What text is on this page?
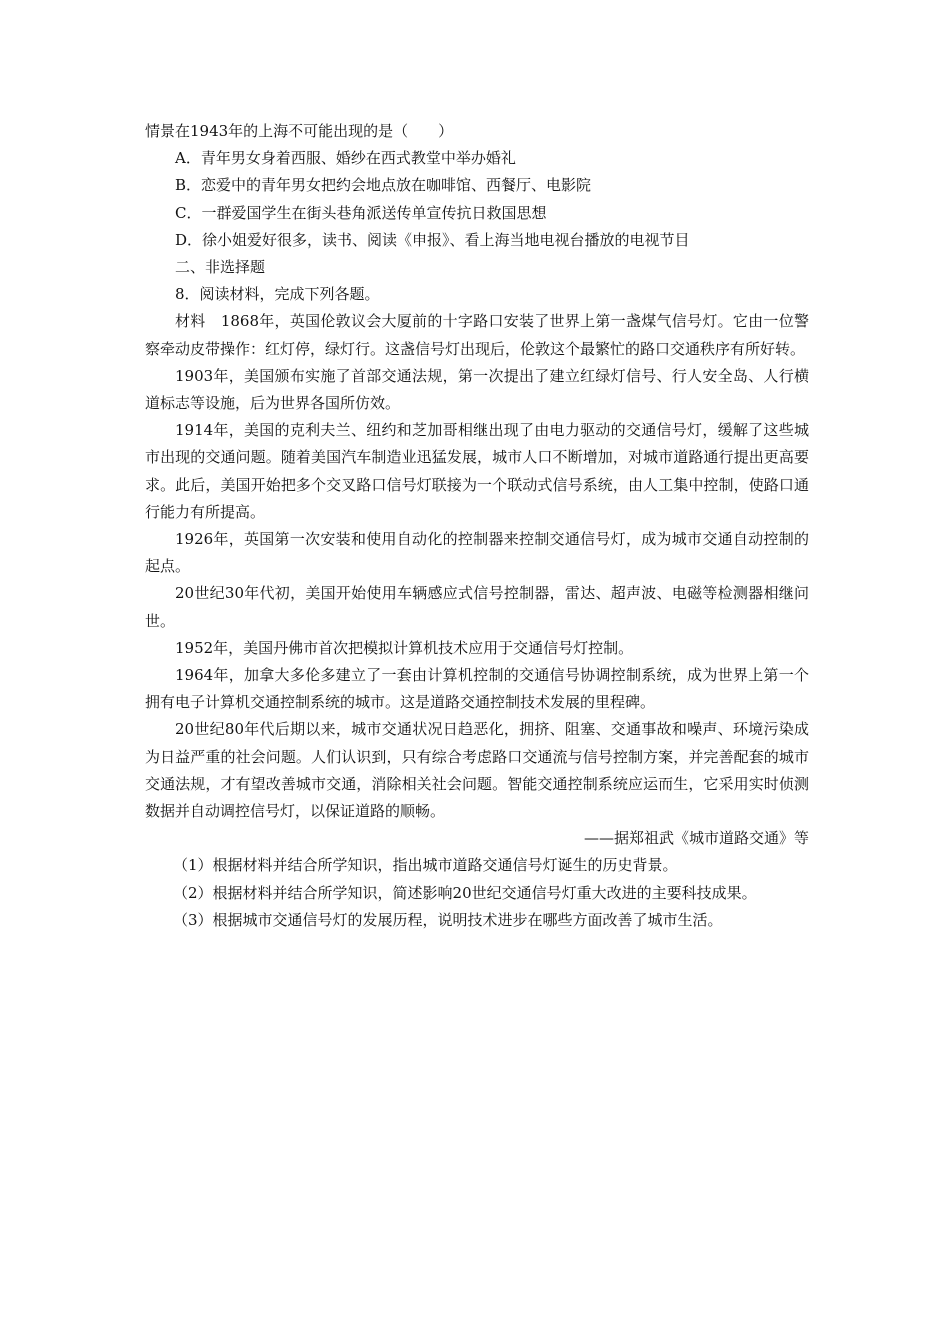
情景在1943年的上海不可能出现的是（　　）

A．青年男女身着西服、婚纱在西式教堂中举办婚礼

B．恋爱中的青年男女把约会地点放在咖啡馆、西餐厅、电影院

C．一群爱国学生在街头巷角派送传单宣传抗日救国思想

D．徐小姐爱好很多，读书、阅读《申报》、看上海当地电视台播放的电视节目

二、非选择题

8．阅读材料，完成下列各题。

材料　1868年，英国伦敦议会大厦前的十字路口安装了世界上第一盏煤气信号灯。它由一位警察牵动皮带操作：红灯停，绿灯行。这盏信号灯出现后，伦敦这个最繁忙的路口交通秩序有所好转。

1903年，美国颁布实施了首部交通法规，第一次提出了建立红绿灯信号、行人安全岛、人行横道标志等设施，后为世界各国所仿效。

1914年，美国的克利夫兰、纽约和芝加哥相继出现了由电力驱动的交通信号灯，缓解了这些城市出现的交通问题。随着美国汽车制造业迅猛发展，城市人口不断增加，对城市道路通行提出更高要求。此后，美国开始把多个交叉路口信号灯联接为一个联动式信号系统，由人工集中控制，使路口通行能力有所提高。

1926年，英国第一次安装和使用自动化的控制器来控制交通信号灯，成为城市交通自动控制的起点。

20世纪30年代初，美国开始使用车辆感应式信号控制器，雷达、超声波、电磁等检测器相继问世。

1952年，美国丹佛市首次把模拟计算机技术应用于交通信号灯控制。

1964年，加拿大多伦多建立了一套由计算机控制的交通信号协调控制系统，成为世界上第一个拥有电子计算机交通控制系统的城市。这是道路交通控制技术发展的里程碑。

20世纪80年代后期以来，城市交通状况日趋恶化，拥挤、阻塞、交通事故和噪声、环境污染成为日益严重的社会问题。人们认识到，只有综合考虑路口交通流与信号控制方案，并完善配套的城市交通法规，才有望改善城市交通，消除相关社会问题。智能交通控制系统应运而生，它采用实时侦测数据并自动调控信号灯，以保证道路的顺畅。

——据郑祖武《城市道路交通》等

（1）根据材料并结合所学知识，指出城市道路交通信号灯诞生的历史背景。

（2）根据材料并结合所学知识，简述影响20世纪交通信号灯重大改进的主要科技成果。

（3）根据城市交通信号灯的发展历程，说明技术进步在哪些方面改善了城市生活。
